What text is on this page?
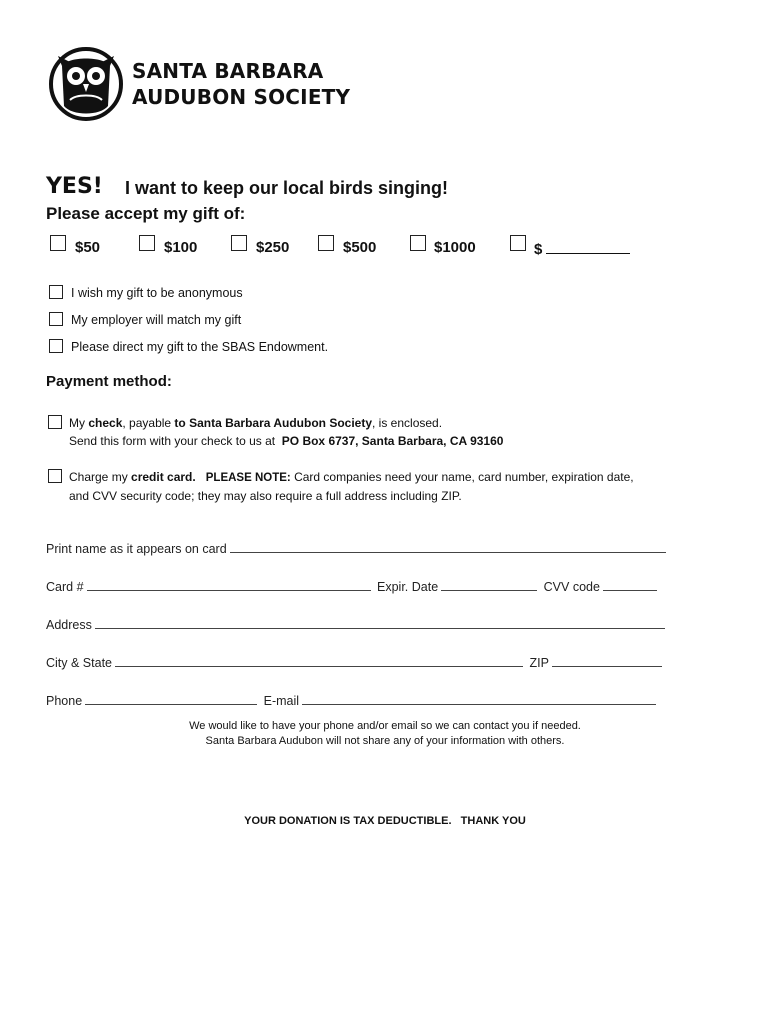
SANTA BARBARA
AUDUBON SOCIETY
YES! I want to keep our local birds singing!
Please accept my gift of:
$50	$100	$250	$500	$1000	$
I wish my gift to be anonymous
My employer will match my gift
Please direct my gift to the SBAS Endowment.
Payment method:
My check, payable to Santa Barbara Audubon Society, is enclosed.
Send this form with your check to us at PO Box 6737, Santa Barbara, CA 93160
Charge my credit card. PLEASE NOTE: Card companies need your name, card number, expiration date,
and CVV security code; they may also require a full address including ZIP.
Print name as it appears on card
Card #	Expir. Date	CVV code
Address
City & State	ZIP
Phone	E-mail
We would like to have your phone and/or email so we can contact you if needed.
Santa Barbara Audubon will not share any of your information with others.
YOUR DONATION IS TAX DEDUCTIBLE.   THANK YOU
